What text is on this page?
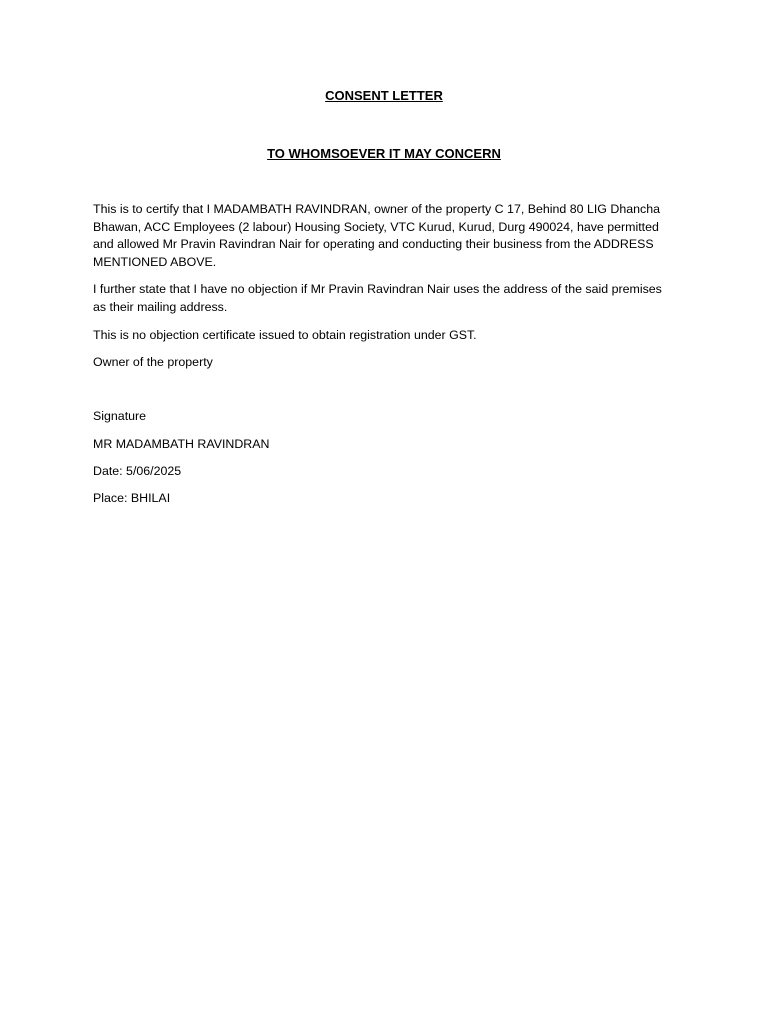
CONSENT LETTER
TO WHOMSOEVER IT MAY CONCERN

This is to certify that I MADAMBATH RAVINDRAN, owner of the property C 17, Behind 80 LIG Dhancha Bhawan, ACC Employees (2 labour) Housing Society, VTC Kurud, Kurud, Durg 490024, have permitted and allowed Mr Pravin Ravindran Nair for operating and conducting their business from the ADDRESS MENTIONED ABOVE.

I further state that I have no objection if Mr Pravin Ravindran Nair uses the address of the said premises as their mailing address.

This is no objection certificate issued to obtain registration under GST.

Owner of the property

Signature

MR MADAMBATH RAVINDRAN

Date: 5/06/2025

Place: BHILAI
